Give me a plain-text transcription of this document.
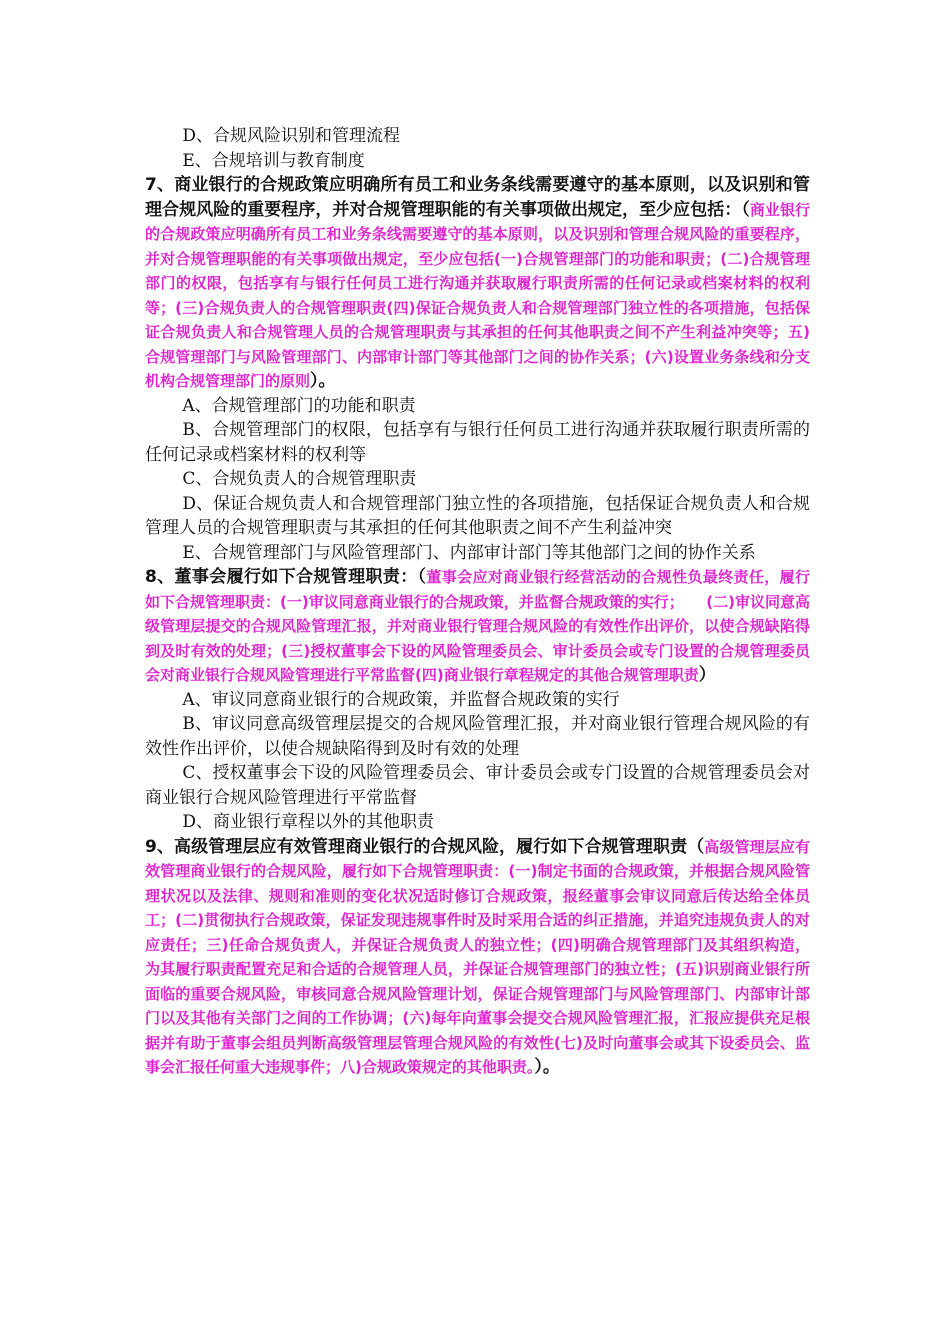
D、合规风险识别和管理流程

E、合规培训与教育制度

7、商业银行的合规政策应明确所有员工和业务条线需要遵守的基本原则，以及识别和管理合规风险的重要程序，并对合规管理职能的有关事项做出规定，至少应包括：（商业银行的合规政策应明确所有员工和业务条线需要遵守的基本原则，以及识别和管理合规风险的重要程序，并对合规管理职能的有关事项做出规定，至少应包括(一)合规管理部门的功能和职责；(二)合规管理部门的权限，包括享有与银行任何员工进行沟通并获取履行职责所需的任何记录或档案材料的权利等；(三)合规负责人的合规管理职责(四)保证合规负责人和合规管理部门独立性的各项措施，包括保证合规负责人和合规管理人员的合规管理职责与其承担的任何其他职责之间不产生利益冲突等；五)合规管理部门与风险管理部门、内部审计部门等其他部门之间的协作关系；(六)设置业务条线和分支机构合规管理部门的原则）。

A、合规管理部门的功能和职责

B、合规管理部门的权限，包括享有与银行任何员工进行沟通并获取履行职责所需的任何记录或档案材料的权利等

C、合规负责人的合规管理职责

D、保证合规负责人和合规管理部门独立性的各项措施，包括保证合规负责人和合规管理人员的合规管理职责与其承担的任何其他职责之间不产生利益冲突

E、合规管理部门与风险管理部门、内部审计部门等其他部门之间的协作关系

8、董事会履行如下合规管理职责：（董事会应对商业银行经营活动的合规性负最终责任，履行如下合规管理职责：(一)审议同意商业银行的合规政策，并监督合规政策的实行；　　(二)审议同意高级管理层提交的合规风险管理汇报，并对商业银行管理合规风险的有效性作出评价，以使合规缺陷得到及时有效的处理；(三)授权董事会下设的风险管理委员会、审计委员会或专门设置的合规管理委员会对商业银行合规风险管理进行平常监督(四)商业银行章程规定的其他合规管理职责）

A、审议同意商业银行的合规政策，并监督合规政策的实行

B、审议同意高级管理层提交的合规风险管理汇报，并对商业银行管理合规风险的有效性作出评价，以使合规缺陷得到及时有效的处理

C、授权董事会下设的风险管理委员会、审计委员会或专门设置的合规管理委员会对商业银行合规风险管理进行平常监督

D、商业银行章程以外的其他职责

9、高级管理层应有效管理商业银行的合规风险，履行如下合规管理职责（高级管理层应有效管理商业银行的合规风险，履行如下合规管理职责：(一)制定书面的合规政策，并根据合规风险管理状况以及法律、规则和准则的变化状况适时修订合规政策，报经董事会审议同意后传达给全体员工；(二)贯彻执行合规政策，保证发现违规事件时及时采用合适的纠正措施，并追究违规负责人的对应责任；三)任命合规负责人，并保证合规负责人的独立性；(四)明确合规管理部门及其组织构造，为其履行职责配置充足和合适的合规管理人员，并保证合规管理部门的独立性；(五)识别商业银行所面临的重要合规风险，审核同意合规风险管理计划，保证合规管理部门与风险管理部门、内部审计部门以及其他有关部门之间的工作协调；(六)每年向董事会提交合规风险管理汇报，汇报应提供充足根据并有助于董事会组员判断高级管理层管理合规风险的有效性(七)及时向董事会或其下设委员会、监事会汇报任何重大违规事件；八)合规政策规定的其他职责。）。
